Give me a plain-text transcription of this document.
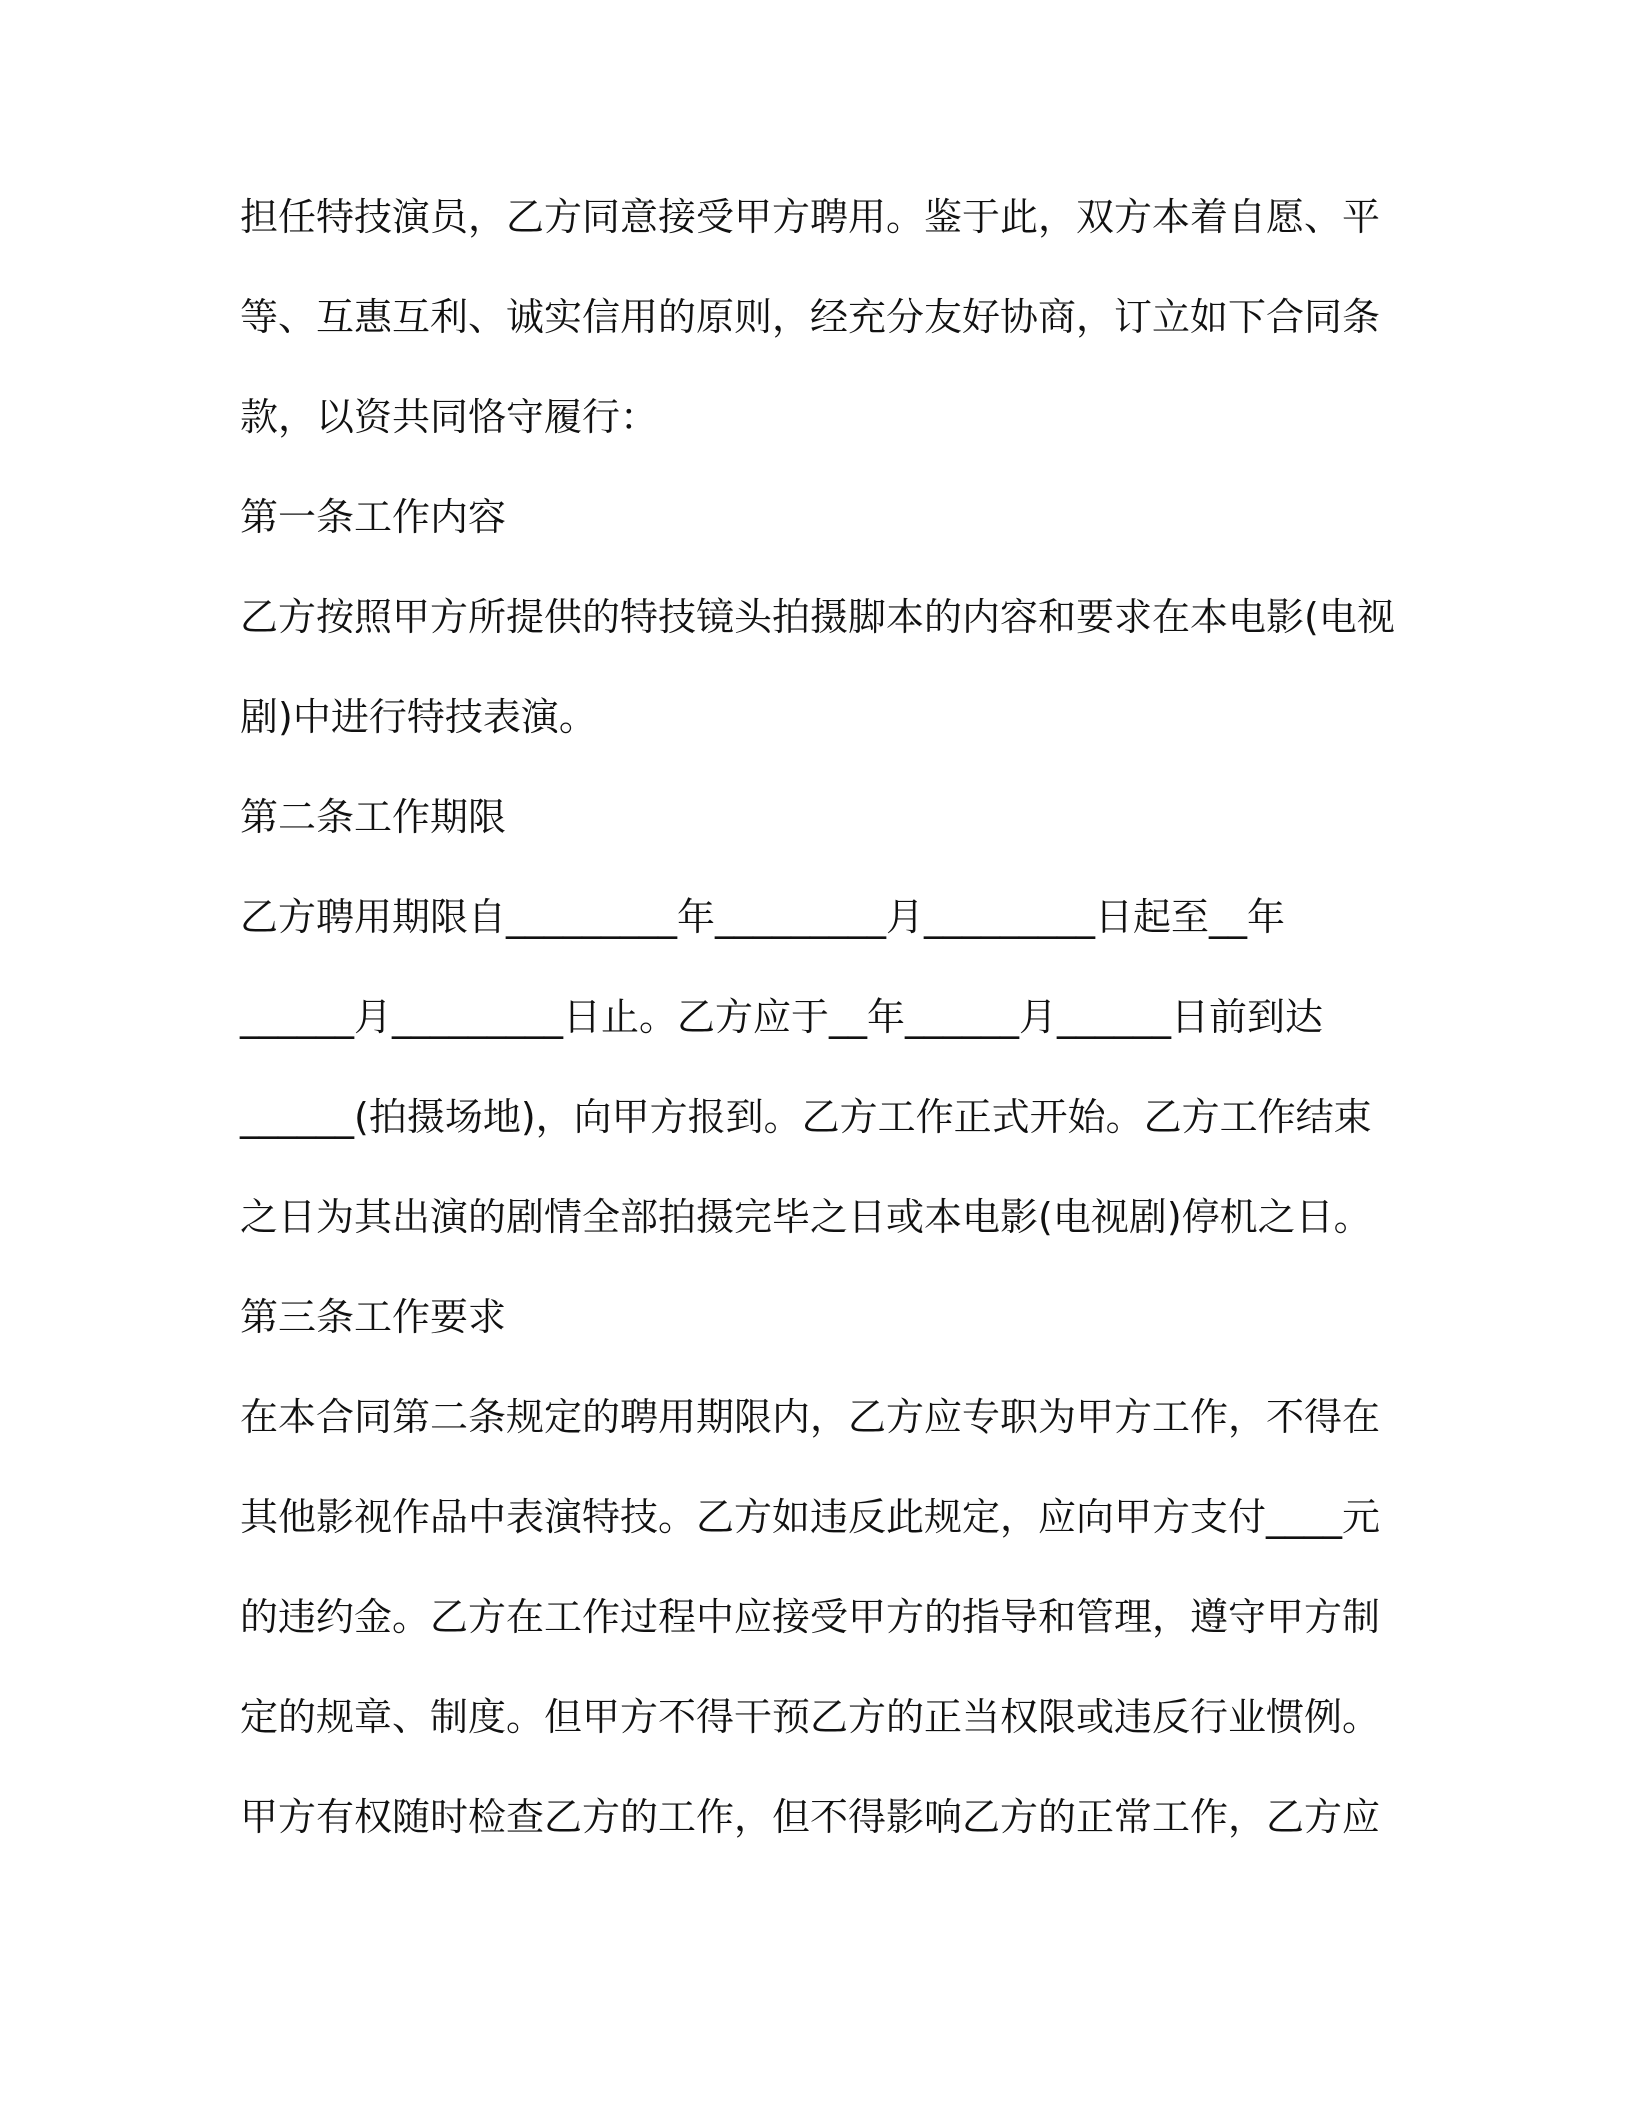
担任特技演员，乙方同意接受甲方聘用。鉴于此，双方本着自愿、平
等、互惠互利、诚实信用的原则，经充分友好协商，订立如下合同条
款，以资共同恪守履行：
第一条工作内容
乙方按照甲方所提供的特技镜头拍摄脚本的内容和要求在本电影(电视
剧)中进行特技表演。
第二条工作期限
乙方聘用期限自_________年_________月_________日起至__年
______月_________日止。乙方应于__年______月______日前到达
______(拍摄场地)，向甲方报到。乙方工作正式开始。乙方工作结束
之日为其出演的剧情全部拍摄完毕之日或本电影(电视剧)停机之日。
第三条工作要求
在本合同第二条规定的聘用期限内，乙方应专职为甲方工作，不得在
其他影视作品中表演特技。乙方如违反此规定，应向甲方支付____元
的违约金。乙方在工作过程中应接受甲方的指导和管理，遵守甲方制
定的规章、制度。但甲方不得干预乙方的正当权限或违反行业惯例。
甲方有权随时检查乙方的工作，但不得影响乙方的正常工作，乙方应
